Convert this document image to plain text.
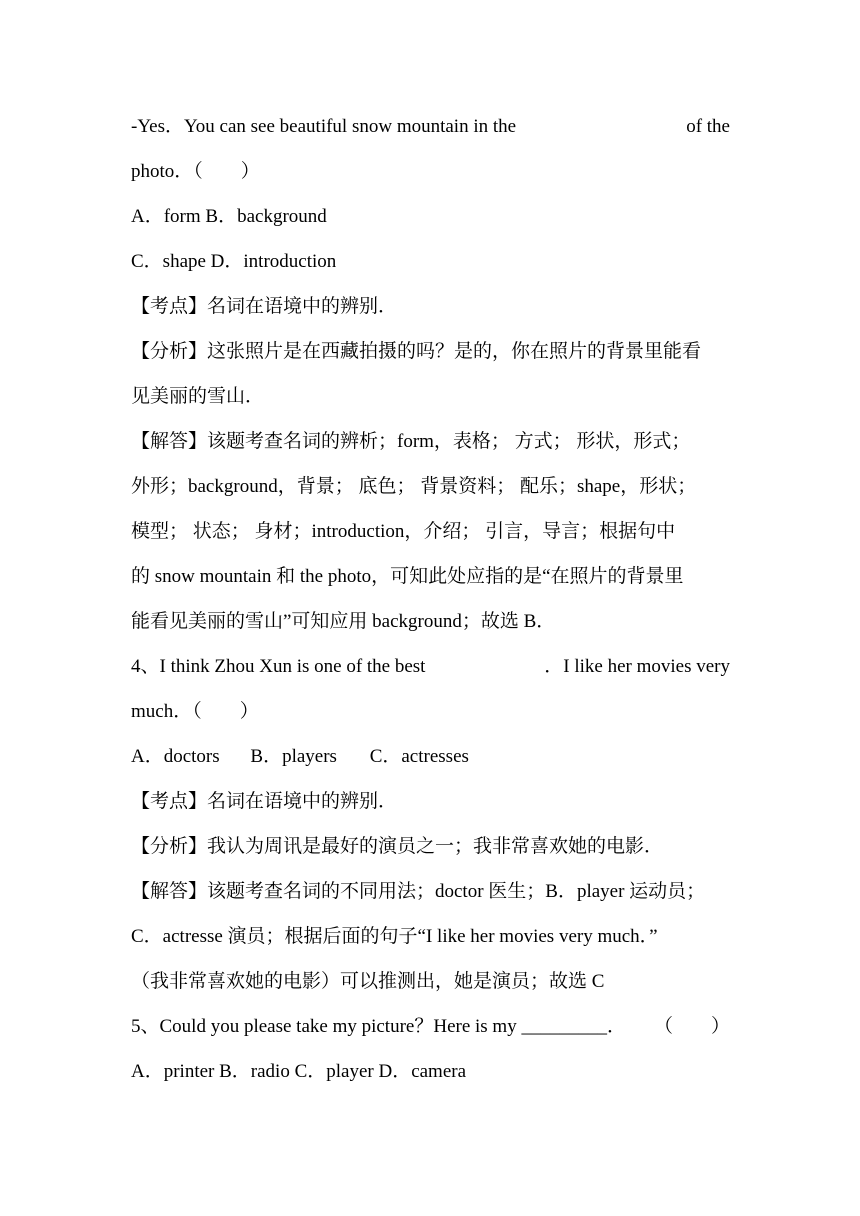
-Yes．You can see beautiful snow mountain in the	of the
photo．（　　）
A．form B．background
C．shape D．introduction
【考点】名词在语境中的辨别．
【分析】这张照片是在西藏拍摄的吗？是的，你在照片的背景里能看
见美丽的雪山．
【解答】该题考查名词的辨析；form，表格； 方式； 形状，形式；
外形；background，背景； 底色； 背景资料； 配乐；shape，形状；
模型； 状态； 身材；introduction，介绍； 引言，导言；根据句中
的 snow mountain 和 the photo，可知此处应指的是“在照片的背景里
能看见美丽的雪山”可知应用 background；故选 B．
4、I think Zhou Xun is one of the best	．I like her movies very
much．（　　）
A．doctors B．players C．actresses
【考点】名词在语境中的辨别．
【分析】我认为周讯是最好的演员之一；我非常喜欢她的电影．
【解答】该题考查名词的不同用法；doctor 医生；B．player 运动员；
C．actresse 演员；根据后面的句子“I like her movies very much．”
（我非常喜欢她的电影）可以推测出，她是演员；故选 C
5、Could you please take my picture？Here is my _________． （　　）
A．printer B．radio C．player D．camera
